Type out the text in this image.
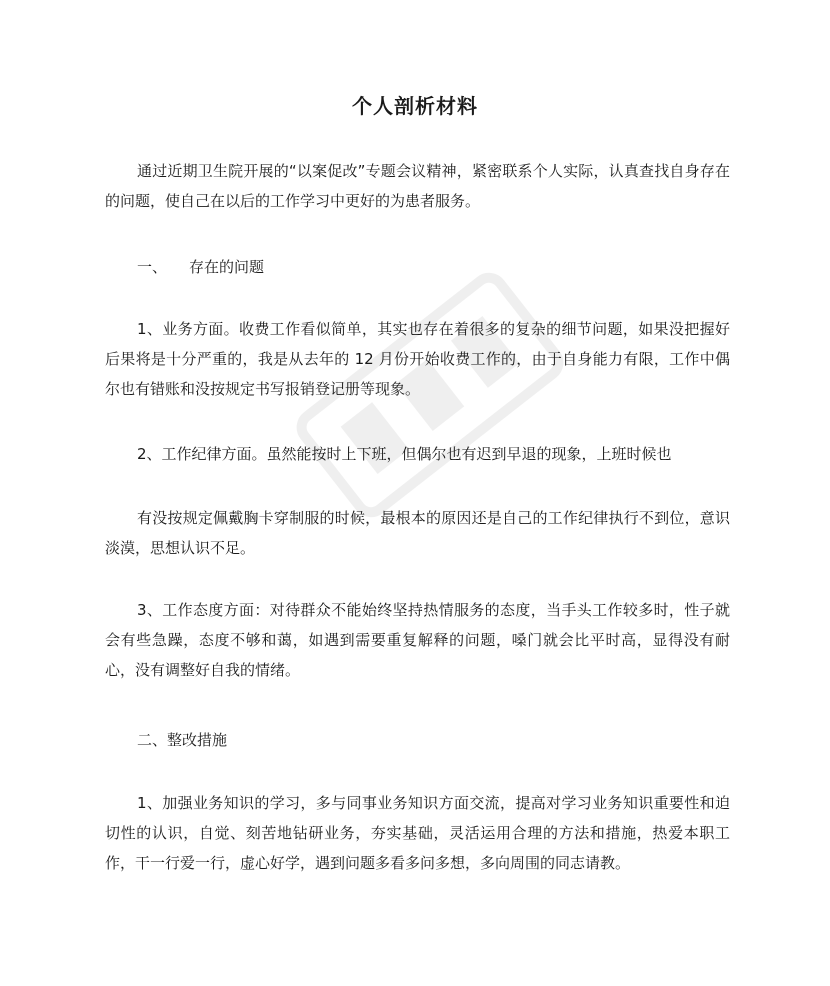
个人剖析材料
通过近期卫生院开展的“以案促改”专题会议精神，紧密联系个人实际，认真查找自身存在的问题，使自己在以后的工作学习中更好的为患者服务。
一、 存在的问题
1、业务方面。收费工作看似简单，其实也存在着很多的复杂的细节问题，如果没把握好后果将是十分严重的，我是从去年的 12 月份开始收费工作的，由于自身能力有限，工作中偶尔也有错账和没按规定书写报销登记册等现象。
2、工作纪律方面。虽然能按时上下班，但偶尔也有迟到早退的现象，上班时候也
有没按规定佩戴胸卡穿制服的时候，最根本的原因还是自己的工作纪律执行不到位，意识淡漠，思想认识不足。
3、工作态度方面：对待群众不能始终坚持热情服务的态度，当手头工作较多时，性子就会有些急躁，态度不够和蔼，如遇到需要重复解释的问题，嗓门就会比平时高，显得没有耐心，没有调整好自我的情绪。
二、整改措施
1、加强业务知识的学习，多与同事业务知识方面交流，提高对学习业务知识重要性和迫切性的认识，自觉、刻苦地钻研业务，夯实基础，灵活运用合理的方法和措施，热爱本职工作，干一行爱一行，虚心好学，遇到问题多看多问多想，多向周围的同志请教。
